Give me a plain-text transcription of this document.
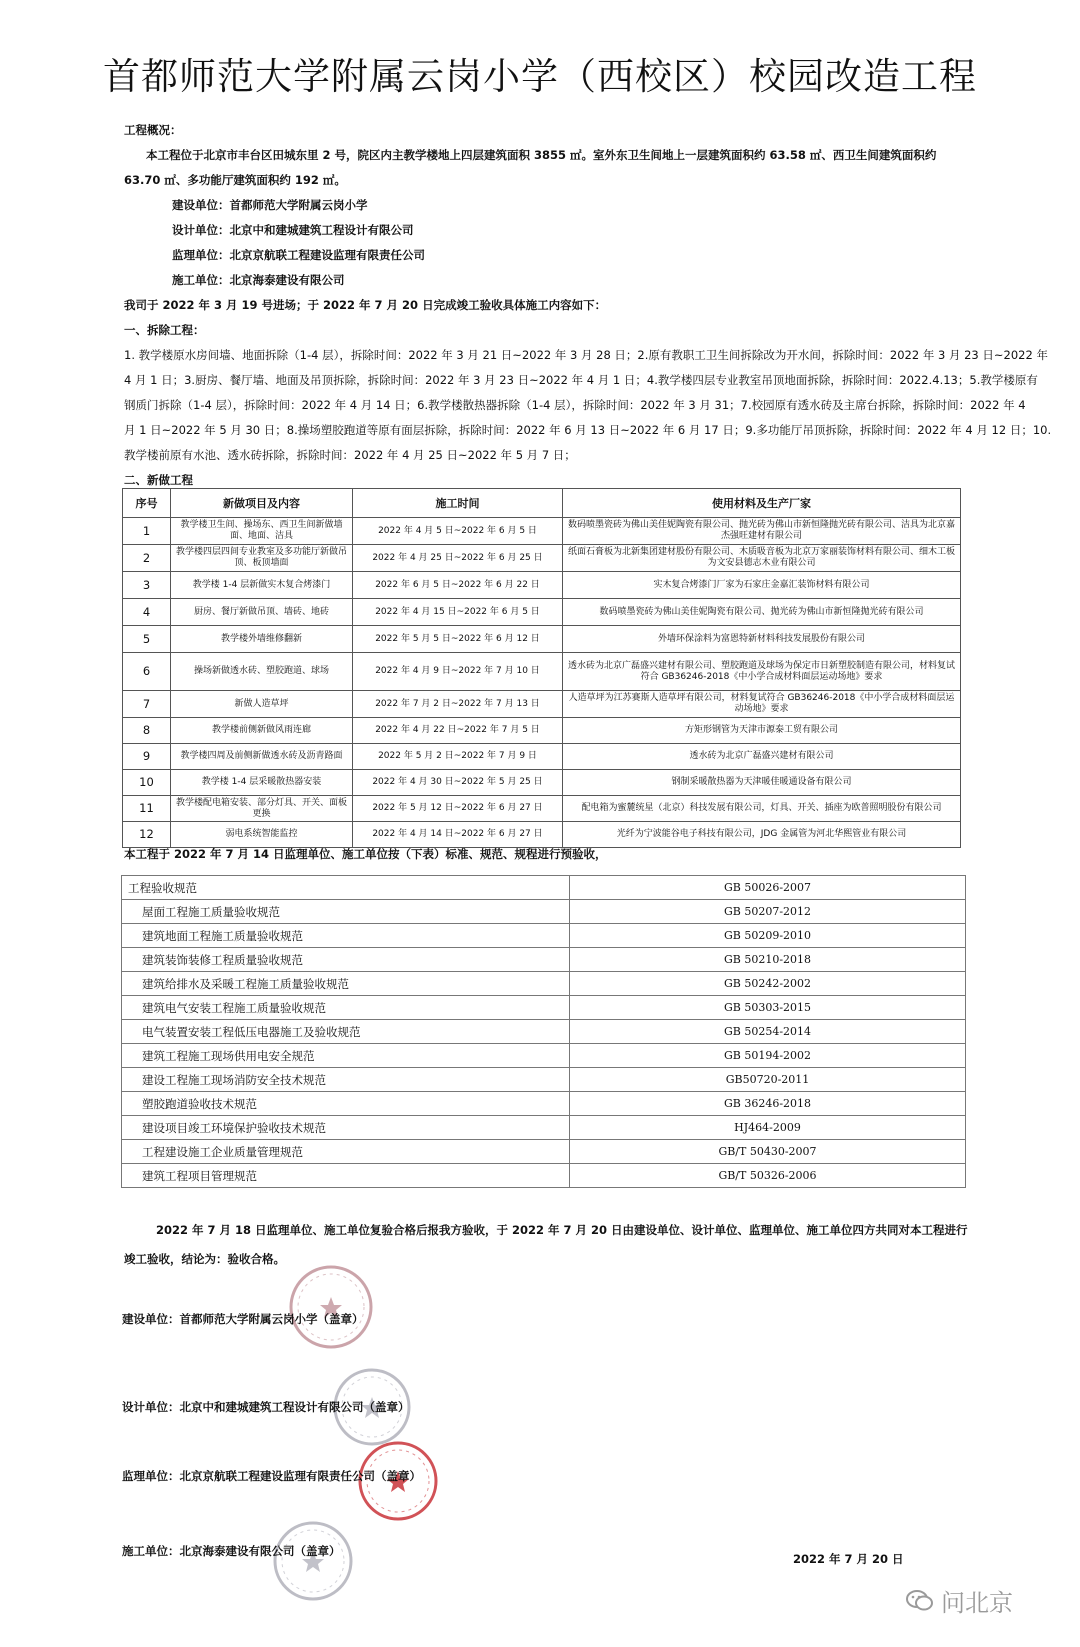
首都师范大学附属云岗小学（西校区）校园改造工程
工程概况：
本工程位于北京市丰台区田城东里 2 号，院区内主教学楼地上四层建筑面积 3855 ㎡。室外东卫生间地上一层建筑面积约 63.58 ㎡、西卫生间建筑面积约
63.70 ㎡、多功能厅建筑面积约 192 ㎡。
建设单位：首都师范大学附属云岗小学
设计单位：北京中和建城建筑工程设计有限公司
监理单位：北京京航联工程建设监理有限责任公司
施工单位：北京海泰建设有限公司
我司于 2022 年 3 月 19 号进场；于 2022 年 7 月 20 日完成竣工验收具体施工内容如下：
一、拆除工程：
1. 教学楼原水房间墙、地面拆除（1-4 层），拆除时间：2022 年 3 月 21 日~2022 年 3 月 28 日；2.原有教职工卫生间拆除改为开水间，拆除时间：2022 年 3 月 23 日~2022 年
4 月 1 日；3.厨房、餐厅墙、地面及吊顶拆除，拆除时间：2022 年 3 月 23 日~2022 年 4 月 1 日；4.教学楼四层专业教室吊顶地面拆除，拆除时间：2022.4.13；5.教学楼原有
钢质门拆除（1-4 层），拆除时间：2022 年 4 月 14 日；6.教学楼散热器拆除（1-4 层），拆除时间：2022 年 3 月 31；7.校园原有透水砖及主席台拆除，拆除时间：2022 年 4
月 1 日~2022 年 5 月 30 日；8.操场塑胶跑道等原有面层拆除，拆除时间：2022 年 6 月 13 日~2022 年 6 月 17 日；9.多功能厅吊顶拆除，拆除时间：2022 年 4 月 12 日；10.
教学楼前原有水池、透水砖拆除，拆除时间：2022 年 4 月 25 日~2022 年 5 月 7 日；
二、新做工程
序号	新做项目及内容	施工时间	使用材料及生产厂家
1	教学楼卫生间、操场东、西卫生间新做墙面、地面、洁具	2022 年 4 月 5 日~2022 年 6 月 5 日	数码喷墨瓷砖为佛山美佳妮陶瓷有限公司、抛光砖为佛山市新恒隆抛光砖有限公司、洁具为北京嘉杰强旺建材有限公司
2	教学楼四层四间专业教室及多功能厅新做吊顶、板顶墙面	2022 年 4 月 25 日~2022 年 6 月 25 日	纸面石膏板为北新集团建材股份有限公司、木质吸音板为北京万家丽装饰材料有限公司、细木工板为文安县德志木业有限公司
3	教学楼 1-4 层新做实木复合烤漆门	2022 年 6 月 5 日~2022 年 6 月 22 日	实木复合烤漆门厂家为石家庄金嘉汇装饰材料有限公司
4	厨房、餐厅新做吊顶、墙砖、地砖	2022 年 4 月 15 日~2022 年 6 月 5 日	数码喷墨瓷砖为佛山美佳妮陶瓷有限公司、抛光砖为佛山市新恒隆抛光砖有限公司
5	教学楼外墙维修翻新	2022 年 5 月 5 日~2022 年 6 月 12 日	外墙环保涂料为富恩特新材料科技发展股份有限公司
6	操场新做透水砖、塑胶跑道、球场	2022 年 4 月 9 日~2022 年 7 月 10 日	透水砖为北京广磊盛兴建材有限公司、塑胶跑道及球场为保定市日新塑胶制造有限公司，材料复试符合 GB36246-2018《中小学合成材料面层运动场地》要求
7	新做人造草坪	2022 年 7 月 2 日~2022 年 7 月 13 日	人造草坪为江苏赛斯人造草坪有限公司，材料复试符合 GB36246-2018《中小学合成材料面层运动场地》要求
8	教学楼前侧新做风雨连廊	2022 年 4 月 22 日~2022 年 7 月 5 日	方矩形钢管为天津市源泰工贸有限公司
9	教学楼四周及前侧新做透水砖及沥青路面	2022 年 5 月 2 日~2022 年 7 月 9 日	透水砖为北京广磊盛兴建材有限公司
10	教学楼 1-4 层采暖散热器安装	2022 年 4 月 30 日~2022 年 5 月 25 日	钢制采暖散热器为天津暖佳暖通设备有限公司
11	教学楼配电箱安装、部分灯具、开关、面板更换	2022 年 5 月 12 日~2022 年 6 月 27 日	配电箱为蜜麓统星（北京）科技发展有限公司，灯具、开关、插座为欧普照明股份有限公司
12	弱电系统智能监控	2022 年 4 月 14 日~2022 年 6 月 27 日	光纤为宁波能谷电子科技有限公司，JDG 金属管为河北华熙管业有限公司
本工程于 2022 年 7 月 14 日监理单位、施工单位按（下表）标准、规范、规程进行预验收，
工程验收规范	GB 50026-2007
屋面工程施工质量验收规范	GB 50207-2012
建筑地面工程施工质量验收规范	GB 50209-2010
建筑装饰装修工程质量验收规范	GB 50210-2018
建筑给排水及采暖工程施工质量验收规范	GB 50242-2002
建筑电气安装工程施工质量验收规范	GB 50303-2015
电气装置安装工程低压电器施工及验收规范	GB 50254-2014
建筑工程施工现场供用电安全规范	GB 50194-2002
建设工程施工现场消防安全技术规范	GB50720-2011
塑胶跑道验收技术规范	GB 36246-2018
建设项目竣工环境保护验收技术规范	HJ464-2009
工程建设施工企业质量管理规范	GB/T 50430-2007
建筑工程项目管理规范	GB/T 50326-2006
2022 年 7 月 18 日监理单位、施工单位复验合格后报我方验收，于 2022 年 7 月 20 日由建设单位、设计单位、监理单位、施工单位四方共同对本工程进行
竣工验收，结论为：验收合格。
建设单位：首都师范大学附属云岗小学（盖章）
设计单位：北京中和建城建筑工程设计有限公司（盖章）
监理单位：北京京航联工程建设监理有限责任公司（盖章）
施工单位：北京海泰建设有限公司（盖章）
2022 年 7 月 20 日
问北京
